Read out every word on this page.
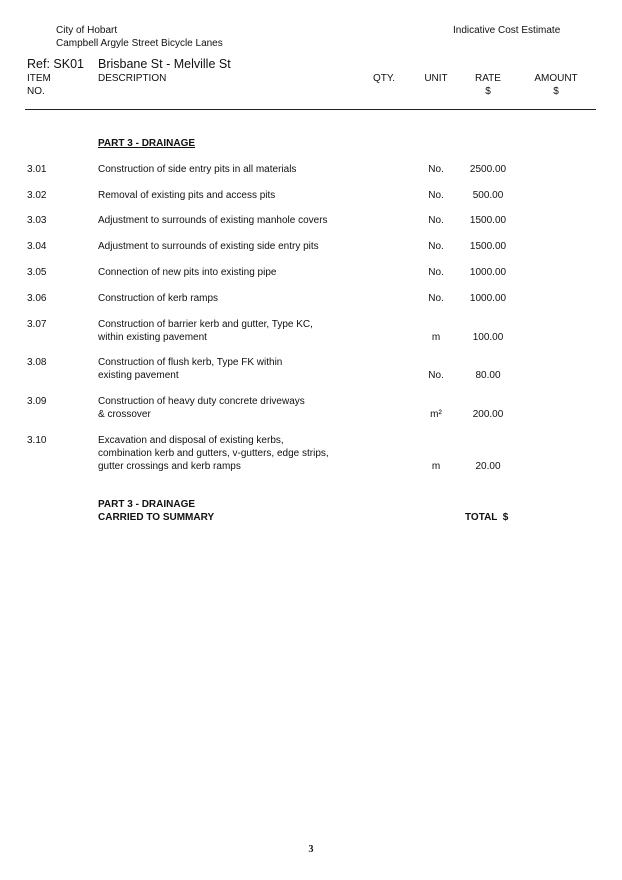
City of Hobart
Campbell Argyle Street Bicycle Lanes
Indicative Cost Estimate
Ref: SK01 Brisbane St - Melville St
ITEM
NO.
DESCRIPTION	QTY.	UNIT	RATE
$
AMOUNT
$
PART 3 - DRAINAGE
3.01	Construction of side entry pits in all materials	No.	2500.00
3.02	Removal of existing pits and access pits	No.	500.00
3.03	Adjustment to surrounds of existing manhole covers	No.	1500.00
3.04	Adjustment to surrounds of existing side entry pits	No.	1500.00
3.05	Connection of new pits into existing pipe	No.	1000.00
3.06	Construction of kerb ramps	No.	1000.00
3.07	Construction of barrier kerb and gutter, Type KC,
within existing pavement	m	100.00
3.08	Construction of flush kerb, Type FK within
existing pavement	No.	80.00
3.09	Construction of heavy duty concrete driveways
& crossover	m²	200.00
3.10	Excavation and disposal of existing kerbs,
combination kerb and gutters, v-gutters, edge strips,
gutter crossings and kerb ramps	m	20.00
PART 3 - DRAINAGE
CARRIED TO SUMMARY	TOTAL  $
3
